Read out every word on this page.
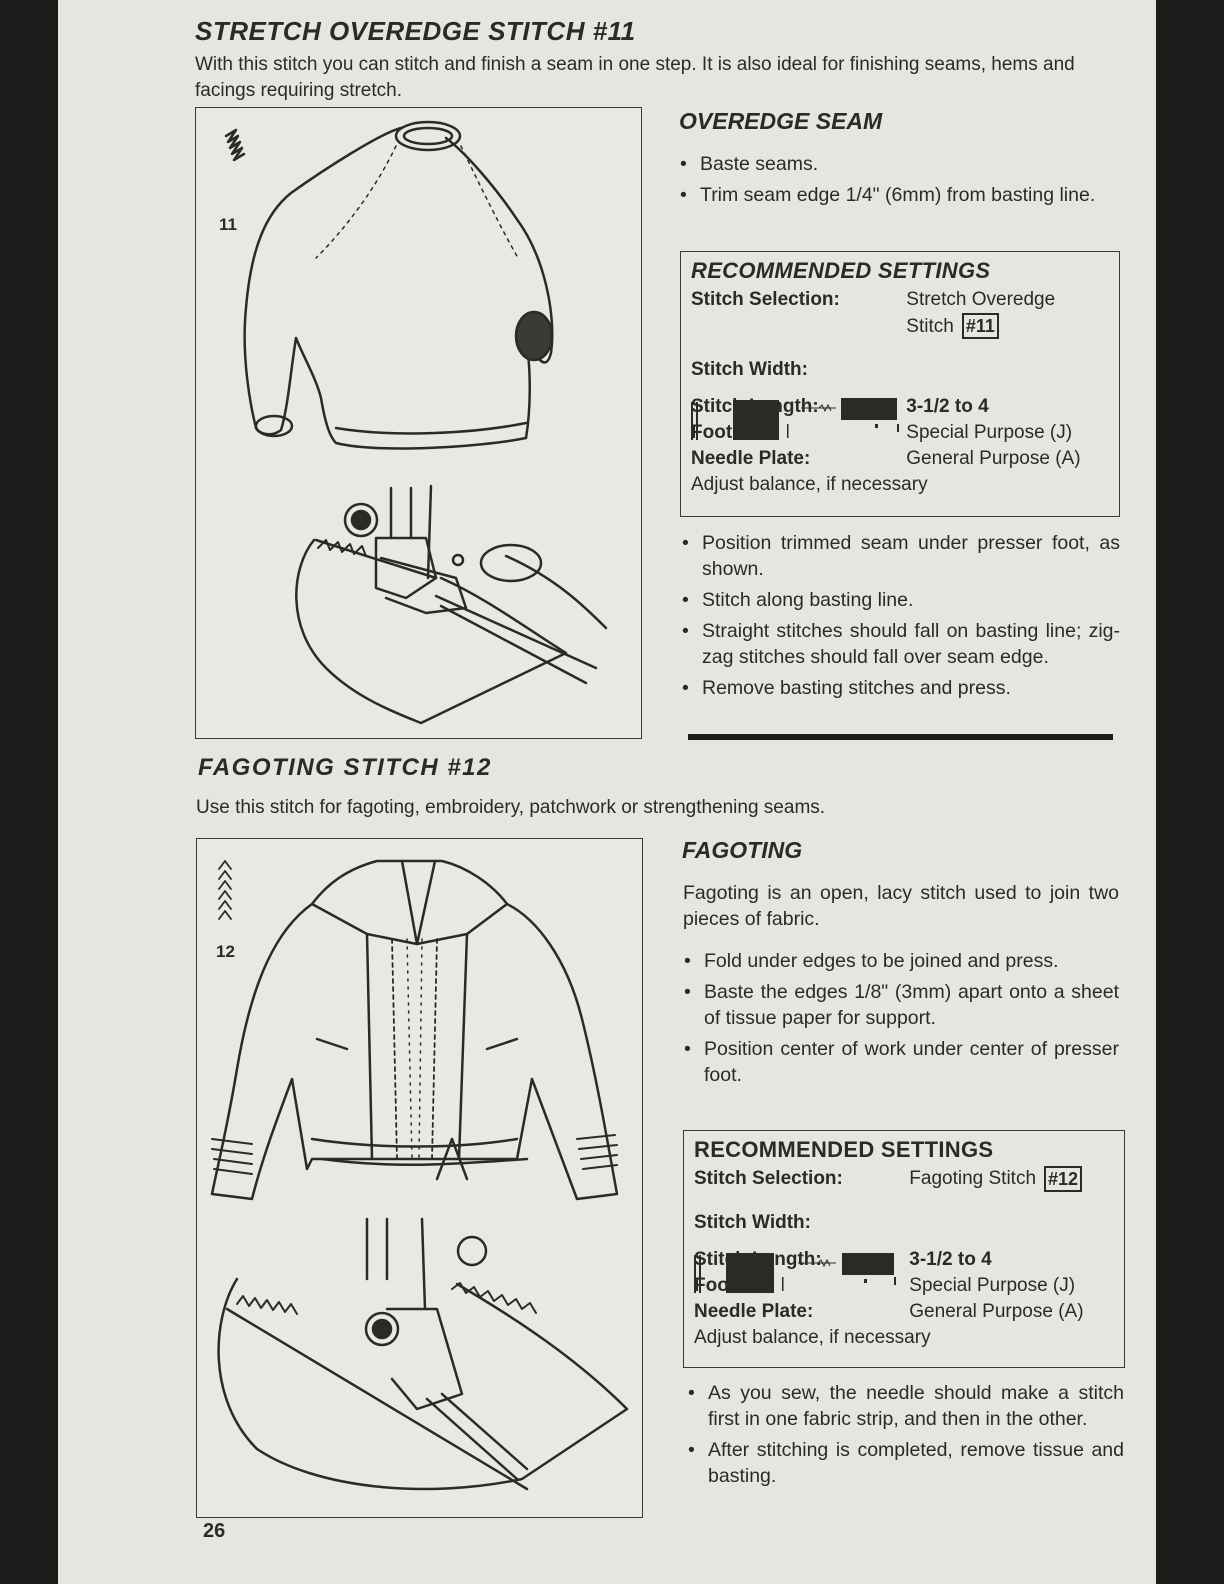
STRETCH OVEREDGE STITCH #11
With this stitch you can stitch and finish a seam in one step. It is also ideal for finishing seams, hems and facings requiring stretch.
11
OVEREDGE SEAM
• Baste seams.
• Trim seam edge 1/4" (6mm) from basting line.
RECOMMENDED SETTINGS
Stitch Selection:	Stretch Overedge
Stitch #11
Stitch Width:
Stitch Length:	3-1/2 to 4
Foot:	Special Purpose (J)
Needle Plate:	General Purpose (A)
Adjust balance, if necessary
• Position trimmed seam under presser foot, as shown.
• Stitch along basting line.
• Straight stitches should fall on basting line; zig-zag stitches should fall over seam edge.
• Remove basting stitches and press.
FAGOTING STITCH #12
Use this stitch for fagoting, embroidery, patchwork or strengthening seams.
12
FAGOTING
Fagoting is an open, lacy stitch used to join two pieces of fabric.
• Fold under edges to be joined and press.
• Baste the edges 1/8" (3mm) apart onto a sheet of tissue paper for support.
• Position center of work under center of presser foot.
RECOMMENDED SETTINGS
Stitch Selection:	Fagoting Stitch #12
Stitch Width:
Stitch Length:	3-1/2 to 4
Foot:	Special Purpose (J)
Needle Plate:	General Purpose (A)
Adjust balance, if necessary
• As you sew, the needle should make a stitch first in one fabric strip, and then in the other.
• After stitching is completed, remove tissue and basting.
26
